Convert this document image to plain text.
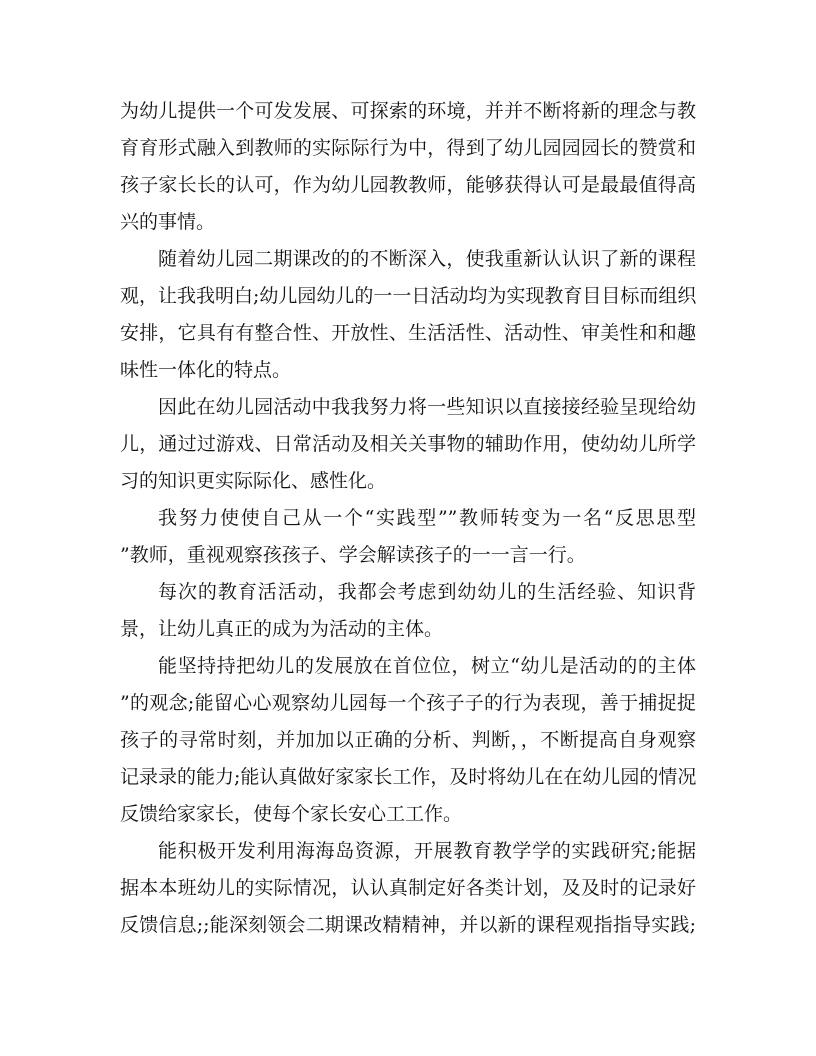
为幼儿提供一个可发发展、可探索的环境，并并不断将新的理念与教
育育形式融入到教师的实际际行为中，得到了幼儿园园园长的赞赏和
孩子家长长的认可，作为幼儿园教教师，能够获得认可是最最值得高
兴的事情。

随着幼儿园二期课改的的不断深入，使我重新认认识了新的课程
观，让我我明白;幼儿园幼儿的一一日活动均为实现教育目目标而组织
安排，它具有有整合性、开放性、生活活性、活动性、审美性和和趣
味性一体化的特点。

因此在幼儿园活动中我我努力将一些知识以直接接经验呈现给幼
儿，通过过游戏、日常活动及相关关事物的辅助作用，使幼幼儿所学
习的知识更实际际化、感性化。

我努力使使自己从一个“实践型””教师转变为一名“反思思型
”教师，重视观察孩孩子、学会解读孩子的一一言一行。

每次的教育活活动，我都会考虑到幼幼儿的生活经验、知识背
景，让幼儿真正的成为为活动的主体。

能坚持持把幼儿的发展放在首位位，树立“幼儿是活动的的主体
”的观念;能留心心观察幼儿园每一个孩子子的行为表现，善于捕捉捉
孩子的寻常时刻，并加加以正确的分析、判断，，不断提高自身观察
记录录的能力;能认真做好家家长工作，及时将幼儿在在幼儿园的情况
反馈给家家长，使每个家长安心工工作。

能积极开发利用海海岛资源，开展教育教学学的实践研究;能据
据本本班幼儿的实际情况，认认真制定好各类计划，及及时的记录好
反馈信息;;能深刻领会二期课改精精神，并以新的课程观指指导实践;
